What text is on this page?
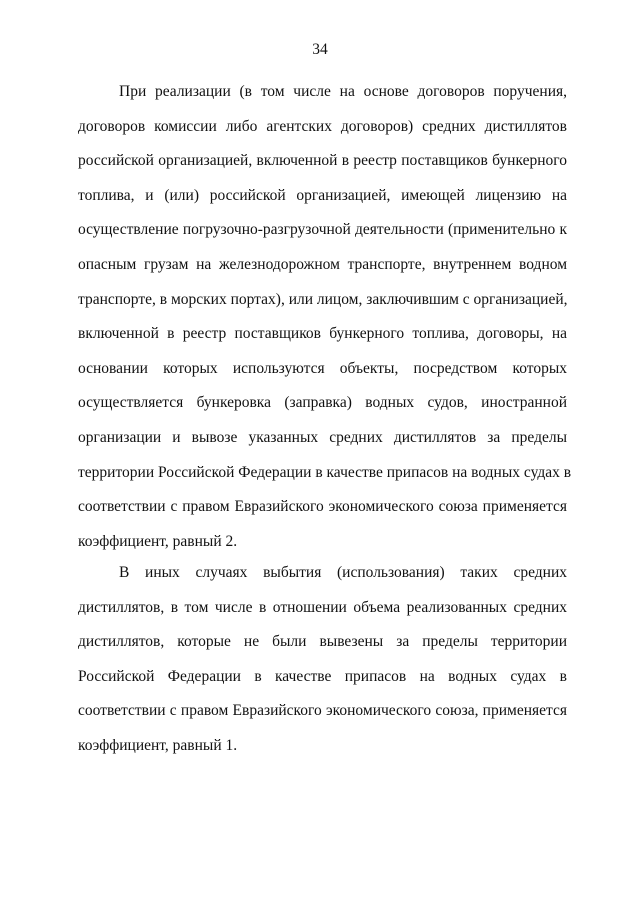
34
При реализации (в том числе на основе договоров поручения,
договоров комиссии либо агентских договоров) средних дистиллятов
российской организацией, включенной в реестр поставщиков бункерного
топлива, и (или) российской организацией, имеющей лицензию на
осуществление погрузочно-разгрузочной деятельности (применительно к
опасным грузам на железнодорожном транспорте, внутреннем водном
транспорте, в морских портах), или лицом, заключившим с организацией,
включенной в реестр поставщиков бункерного топлива, договоры, на
основании которых используются объекты, посредством которых
осуществляется бункеровка (заправка) водных судов, иностранной
организации и вывозе указанных средних дистиллятов за пределы
территории Российской Федерации в качестве припасов на водных судах в
соответствии с правом Евразийского экономического союза применяется
коэффициент, равный 2.
В иных случаях выбытия (использования) таких средних
дистиллятов, в том числе в отношении объема реализованных средних
дистиллятов, которые не были вывезены за пределы территории
Российской Федерации в качестве припасов на водных судах в
соответствии с правом Евразийского экономического союза, применяется
коэффициент, равный 1.
